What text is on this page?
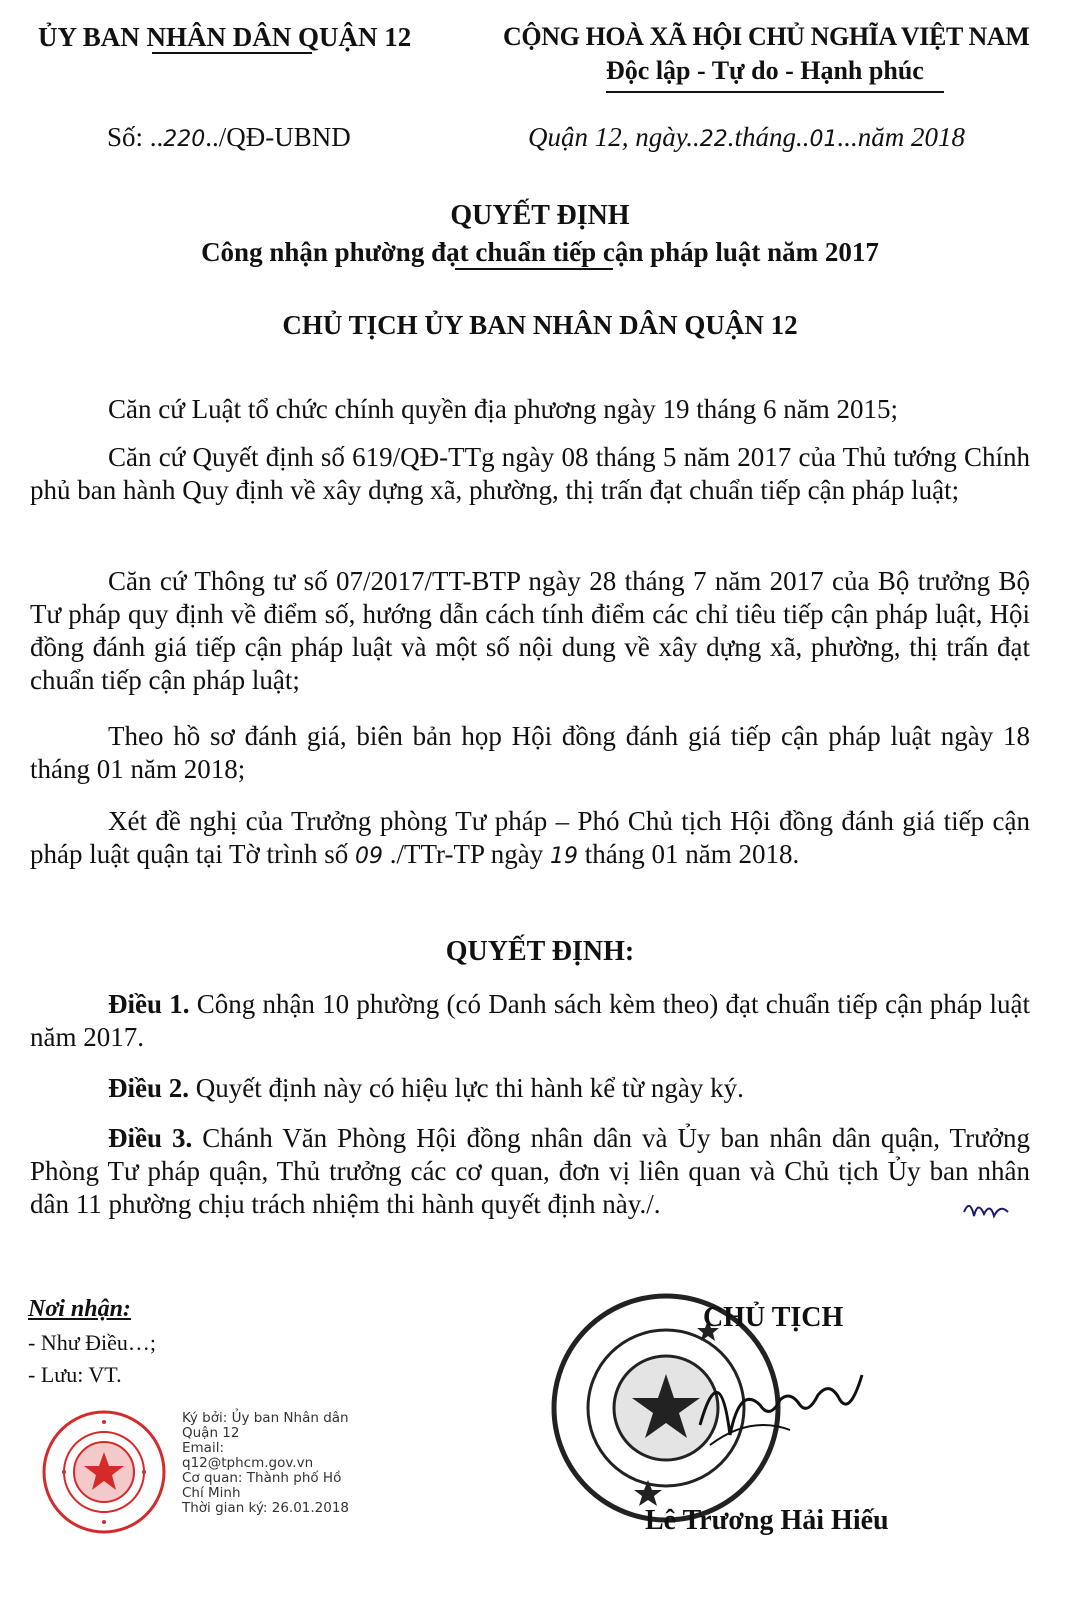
ỦY BAN NHÂN DÂN QUẬN 12	CỘNG HOÀ XÃ HỘI CHỦ NGHĨA VIỆT NAM
Độc lập - Tự do - Hạnh phúc
Số: ..220../QĐ-UBND	Quận 12, ngày..22.tháng..01...năm 2018
QUYẾT ĐỊNH
Công nhận phường đạt chuẩn tiếp cận pháp luật năm 2017
CHỦ TỊCH ỦY BAN NHÂN DÂN QUẬN 12
Căn cứ Luật tổ chức chính quyền địa phương ngày 19 tháng 6 năm 2015;
Căn cứ Quyết định số 619/QĐ-TTg ngày 08 tháng 5 năm 2017 của Thủ tướng Chính phủ ban hành Quy định về xây dựng xã, phường, thị trấn đạt chuẩn tiếp cận pháp luật;
Căn cứ Thông tư số 07/2017/TT-BTP ngày 28 tháng 7 năm 2017 của Bộ trưởng Bộ Tư pháp quy định về điểm số, hướng dẫn cách tính điểm các chỉ tiêu tiếp cận pháp luật, Hội đồng đánh giá tiếp cận pháp luật và một số nội dung về xây dựng xã, phường, thị trấn đạt chuẩn tiếp cận pháp luật;
Theo hồ sơ đánh giá, biên bản họp Hội đồng đánh giá tiếp cận pháp luật ngày 18 tháng 01 năm 2018;
Xét đề nghị của Trưởng phòng Tư pháp – Phó Chủ tịch Hội đồng đánh giá tiếp cận pháp luật quận tại Tờ trình số 09 ./TTr-TP ngày 19 tháng 01 năm 2018.
QUYẾT ĐỊNH:
Điều 1. Công nhận 10 phường (có Danh sách kèm theo) đạt chuẩn tiếp cận pháp luật năm 2017.
Điều 2. Quyết định này có hiệu lực thi hành kể từ ngày ký.
Điều 3. Chánh Văn Phòng Hội đồng nhân dân và Ủy ban nhân dân quận, Trưởng Phòng Tư pháp quận, Thủ trưởng các cơ quan, đơn vị liên quan và Chủ tịch Ủy ban nhân dân 11 phường chịu trách nhiệm thi hành quyết định này./.
Nơi nhận:
- Như Điều…;
- Lưu: VT.
Ký bởi: Ủy ban Nhân dân
Quận 12
Email:
q12@tphcm.gov.vn
Cơ quan: Thành phố Hồ
Chí Minh
Thời gian ký: 26.01.2018
CHỦ TỊCH
Lê Trương Hải Hiếu
